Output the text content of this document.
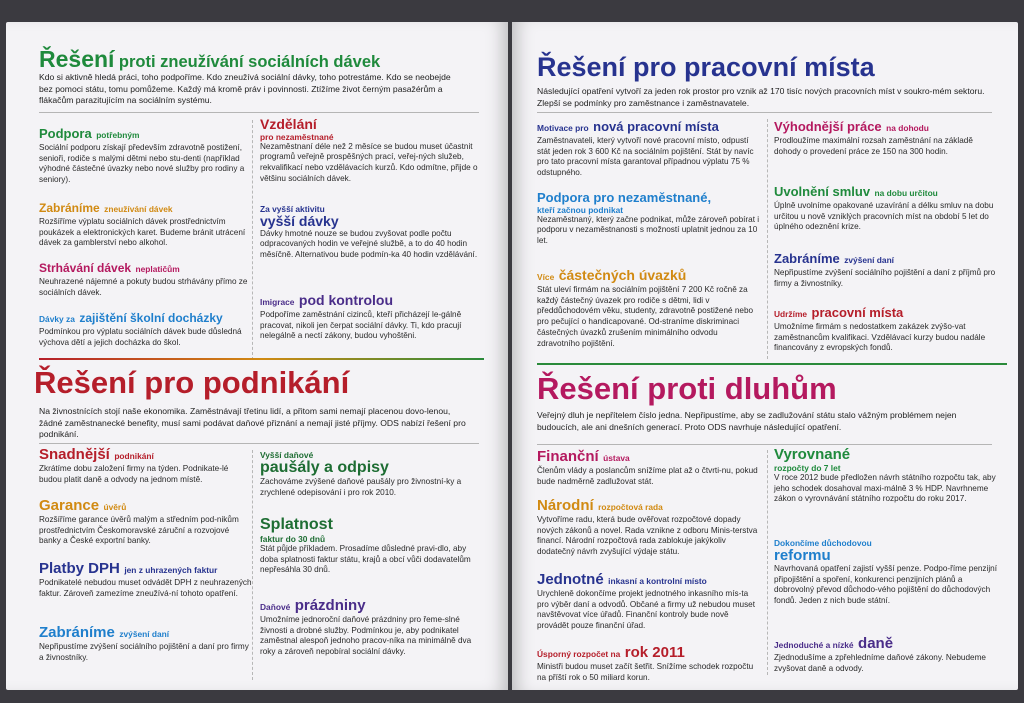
Řešení proti zneužívání sociálních dávek
Kdo si aktivně hledá práci, toho podpoříme. Kdo zneužívá sociální dávky, toho potrestáme. Kdo se neobejde bez pomoci státu, tomu pomůžeme. Každý má kromě práv i povinnosti. Ztížíme život černým pasažérům a flákačům parazitujícím na sociálním systému.
Podpora potřebným
Sociální podporu získají především zdravotně postižení, senioři, rodiče s malými dětmi nebo stu-denti (například výhodné částečné úvazky nebo nové služby pro rodiny a seniory).
Zabráníme zneužívání dávek
Rozšíříme výplatu sociálních dávek prostřednictvím poukázek a elektronických karet. Budeme bránit utrácení dávek za gamblerství nebo alkohol.
Strhávání dávek neplatičům
Neuhrazené nájemné a pokuty budou strhávány přímo ze sociálních dávek.
Dávky za zajištění školní docházky
Podmínkou pro výplatu sociálních dávek bude důsledná výchova dětí a jejich docházka do škol.
Vzdělání
pro nezaměstnané
Nezaměstnaní déle než 2 měsíce se budou muset účastnit programů veřejně prospěšných prací, veřej-ných služeb, rekvalifikací nebo vzdělávacích kurzů. Kdo odmítne, přijde o většinu sociálních dávek.
Za vyšší aktivitu
vyšší dávky
Dávky hmotné nouze se budou zvyšovat podle počtu odpracovaných hodin ve veřejné službě, a to do 40 hodin měsíčně. Alternativou bude podmín-ka 40 hodin vzdělávání.
Imigrace pod kontrolou
Podpoříme zaměstnání cizinců, kteří přicházejí le-gálně pracovat, nikoli jen čerpat sociální dávky. Ti, kdo pracují nelegálně a nectí zákony, budou vyhoštěni.
Řešení pro podnikání
Na živnostnících stojí naše ekonomika. Zaměstnávají třetinu lidí, a přitom sami nemají placenou dovo-lenou, žádné zaměstnanecké benefity, musí sami podávat daňové přiznání a nemají jisté příjmy. ODS nabízí řešení pro podnikání.
Snadnější podnikání
Zkrátíme dobu založení firmy na týden. Podnikate-lé budou platit daně a odvody na jednom místě.
Garance úvěrů
Rozšíříme garance úvěrů malým a středním pod-nikům prostřednictvím Českomoravské záruční a rozvojové banky a České exportní banky.
Platby DPH jen z uhrazených faktur
Podnikatelé nebudou muset odvádět DPH z neuhrazených faktur. Zároveň zamezíme zneužívá-ní tohoto opatření.
Zabráníme zvýšení daní
Nepřipustíme zvýšení sociálního pojištění a daní pro firmy a živnostníky.
Vyšší daňové
paušály a odpisy
Zachováme zvýšené daňové paušály pro živnostní-ky a zrychlené odepisování i pro rok 2010.
Splatnost
faktur do 30 dnů
Stát půjde příkladem. Prosadíme důsledné pravi-dlo, aby doba splatnosti faktur státu, krajů a obcí vůči dodavatelům nepřesáhla 30 dnů.
Daňové prázdniny
Umožníme jednoroční daňové prázdniny pro řeme-slné živnosti a drobné služby. Podmínkou je, aby podnikatel zaměstnal alespoň jednoho pracov-níka na minimálně dva roky a zároveň nepobíral sociální dávky.
Řešení pro pracovní místa
Následující opatření vytvoří za jeden rok prostor pro vznik až 170 tisíc nových pracovních míst v soukro-mém sektoru. Zlepší se podmínky pro zaměstnance i zaměstnavatele.
Motivace pro nová pracovní místa
Zaměstnavateli, který vytvoří nové pracovní místo, odpustí stát jeden rok 3 600 Kč na sociálním pojištění. Stát by navíc pro tato pracovní místa garantoval případnou výplatu 75 % odstupného.
Podpora pro nezaměstnané,
kteří začnou podnikat
Nezaměstnaný, který začne podnikat, může zároveň pobírat i podporu v nezaměstnanosti s možností uplatnit jednou za 10 let.
Více částečných úvazků
Stát uleví firmám na sociálním pojištění 7 200 Kč ročně za každý částečný úvazek pro rodiče s dětmi, lidi v předdůchodovém věku, studenty, zdravotně postižené nebo pro pečující o handicapované. Od-straníme diskriminaci částečných úvazků zrušením minimálního odvodu zdravotního pojištění.
Výhodnější práce na dohodu
Prodloužíme maximální rozsah zaměstnání na základě dohody o provedení práce ze 150 na 300 hodin.
Uvolnění smluv na dobu určitou
Úplně uvolníme opakované uzavírání a délku smluv na dobu určitou u nově vzniklých pracovních míst na období 5 let do úplného odeznění krize.
Zabráníme zvýšení daní
Nepřipustíme zvýšení sociálního pojištění a daní z příjmů pro firmy a živnostníky.
Udržíme pracovní místa
Umožníme firmám s nedostatkem zakázek zvýšo-vat zaměstnancům kvalifikaci. Vzdělávací kurzy budou nadále financovány z evropských fondů.
Řešení proti dluhům
Veřejný dluh je nepřítelem číslo jedna. Nepřipustíme, aby se zadlužování státu stalo vážným problémem nejen budoucích, ale ani dnešních generací. Proto ODS navrhuje následující opatření.
Finanční ústava
Členům vlády a poslancům snížíme plat až o čtvrti-nu, pokud bude nadměrně zadlužovat stát.
Národní rozpočtová rada
Vytvoříme radu, která bude ověřovat rozpočtové dopady nových zákonů a novel. Rada vznikne z odboru Minis-terstva financí. Národní rozpočtová rada zablokuje jakýkoliv dodatečný návrh zvyšující výdaje státu.
Jednotné inkasní a kontrolní místo
Urychleně dokončíme projekt jednotného inkasního mís-ta pro výběr daní a odvodů. Občané a firmy už nebudou muset navštěvovat více úřadů. Finanční kontroly bude nově provádět pouze finanční úřad.
Úsporný rozpočet na rok 2011
Ministři budou muset začít šetřit. Snížíme schodek rozpočtu na příští rok o 50 miliard korun.
Vyrovnané
rozpočty do 7 let
V roce 2012 bude předložen návrh státního rozpočtu tak, aby jeho schodek dosahoval maxi-málně 3 % HDP. Navrhneme zákon o vyrovnávání státního rozpočtu do roku 2017.
Dokončíme důchodovou
reformu
Navrhovaná opatření zajistí vyšší penze. Podpo-říme penzijní připojištění a spoření, konkurenci penzijních plánů a dobrovolný převod důchodo-vého pojištění do důchodových fondů. Jeden z nich bude státní.
Jednoduché a nízké daně
Zjednodušíme a zpřehledníme daňové zákony. Nebudeme zvyšovat daně a odvody.
